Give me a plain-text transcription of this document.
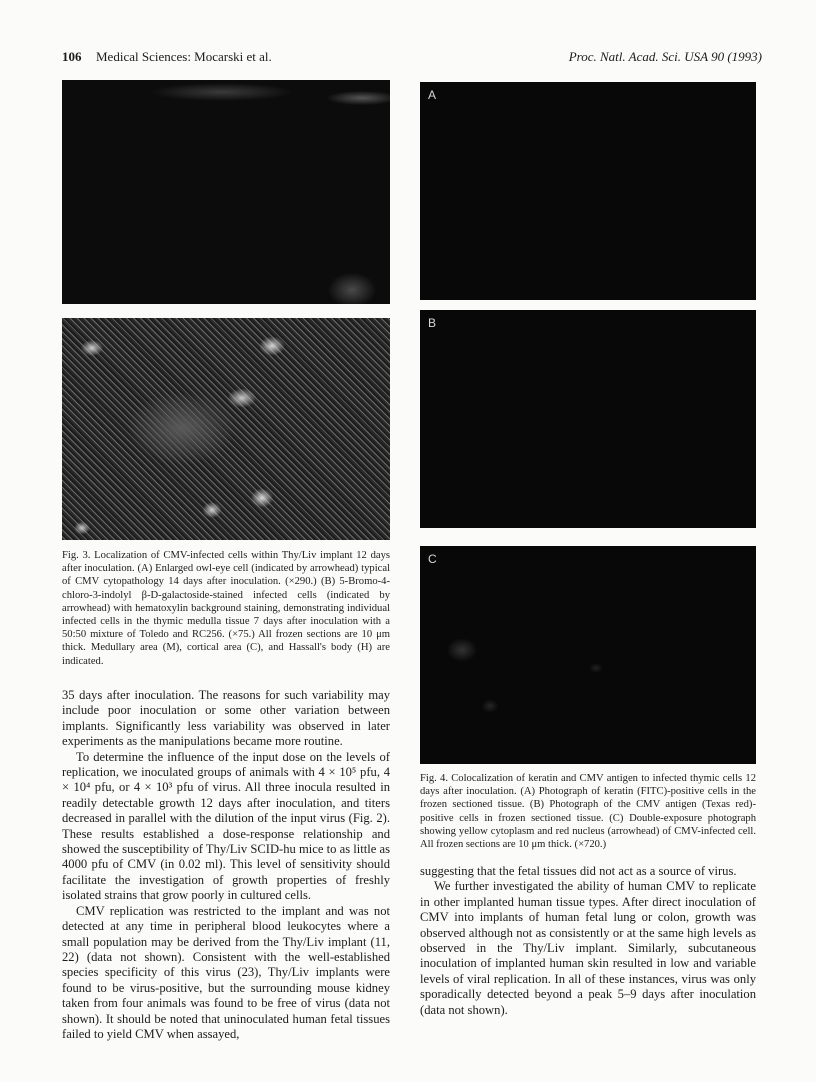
106 Medical Sciences: Mocarski et al.	Proc. Natl. Acad. Sci. USA 90 (1993)

Fig. 3. Localization of CMV-infected cells within Thy/Liv implant 12 days after inoculation. (A) Enlarged owl-eye cell (indicated by arrowhead) typical of CMV cytopathology 14 days after inoculation. (×290.) (B) 5-Bromo-4-chloro-3-indolyl β-D-galactoside-stained infected cells (indicated by arrowhead) with hematoxylin background staining, demonstrating individual infected cells in the thymic medulla tissue 7 days after inoculation with a 50:50 mixture of Toledo and RC256. (×75.) All frozen sections are 10 μm thick. Medullary area (M), cortical area (C), and Hassall's body (H) are indicated.

A
B
C

Fig. 4. Colocalization of keratin and CMV antigen to infected thymic cells 12 days after inoculation. (A) Photograph of keratin (FITC)-positive cells in the frozen sectioned tissue. (B) Photograph of the CMV antigen (Texas red)-positive cells in frozen sectioned tissue. (C) Double-exposure photograph showing yellow cytoplasm and red nucleus (arrowhead) of CMV-infected cell. All frozen sections are 10 μm thick. (×720.)

35 days after inoculation. The reasons for such variability may include poor inoculation or some other variation between implants. Significantly less variability was observed in later experiments as the manipulations became more routine.

To determine the influence of the input dose on the levels of replication, we inoculated groups of animals with 4 × 10⁵ pfu, 4 × 10⁴ pfu, or 4 × 10³ pfu of virus. All three inocula resulted in readily detectable growth 12 days after inoculation, and titers decreased in parallel with the dilution of the input virus (Fig. 2). These results established a dose-response relationship and showed the susceptibility of Thy/Liv SCID-hu mice to as little as 4000 pfu of CMV (in 0.02 ml). This level of sensitivity should facilitate the investigation of growth properties of freshly isolated strains that grow poorly in cultured cells.

CMV replication was restricted to the implant and was not detected at any time in peripheral blood leukocytes where a small population may be derived from the Thy/Liv implant (11, 22) (data not shown). Consistent with the well-established species specificity of this virus (23), Thy/Liv implants were found to be virus-positive, but the surrounding mouse kidney taken from four animals was found to be free of virus (data not shown). It should be noted that uninoculated human fetal tissues failed to yield CMV when assayed,

suggesting that the fetal tissues did not act as a source of virus.

We further investigated the ability of human CMV to replicate in other implanted human tissue types. After direct inoculation of CMV into implants of human fetal lung or colon, growth was observed although not as consistently or at the same high levels as observed in the Thy/Liv implant. Similarly, subcutaneous inoculation of implanted human skin resulted in low and variable levels of viral replication. In all of these instances, virus was only sporadically detected beyond a peak 5–9 days after inoculation (data not shown).
